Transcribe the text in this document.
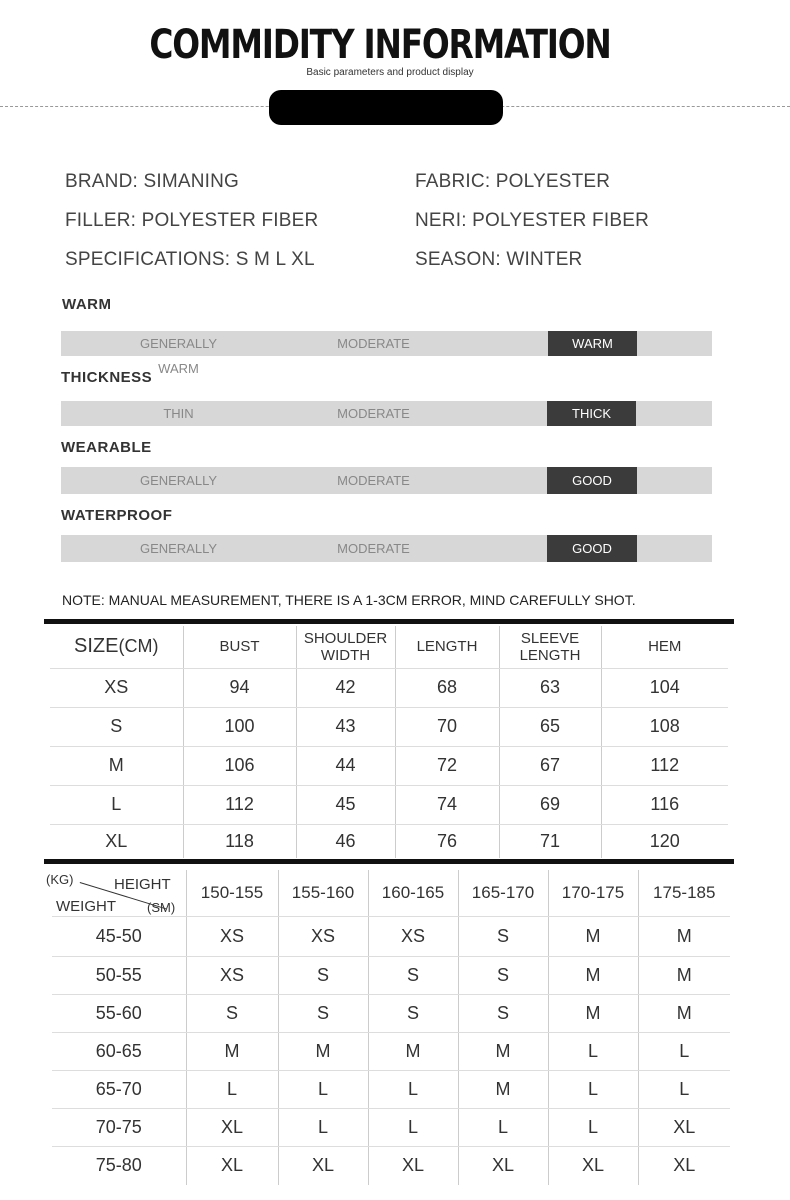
COMMIDITY INFORMATION
Basic parameters and product display
BRAND: SIMANING	FABRIC: POLYESTER
FILLER: POLYESTER FIBER	NERI: POLYESTER FIBER
SPECIFICATIONS: S M L XL	SEASON: WINTER
WARM
GENERALLY WARM
MODERATE	WARM
THICKNESS
THIN	MODERATE	THICK
WEARABLE
GENERALLY	MODERATE	GOOD
WATERPROOF
GENERALLY	MODERATE	GOOD
NOTE: MANUAL MEASUREMENT, THERE IS A 1-3CM ERROR, MIND CAREFULLY SHOT.
SIZE(CM)	BUST	SHOULDER WIDTH	LENGTH	SLEEVE LENGTH	HEM
XS	94	42	68	63	104
S	100	43	70	65	108
M	106	44	72	67	112
L	112	45	74	69	116
XL	118	46	76	71	120
(KG) HEIGHT
WEIGHT (SM)	150-155	155-160	160-165	165-170	170-175	175-185
45-50	XS	XS	XS	S	M	M
50-55	XS	S	S	S	M	M
55-60	S	S	S	S	M	M
60-65	M	M	M	M	L	L
65-70	L	L	L	M	L	L
70-75	XL	L	L	L	L	XL
75-80	XL	XL	XL	XL	XL	XL
